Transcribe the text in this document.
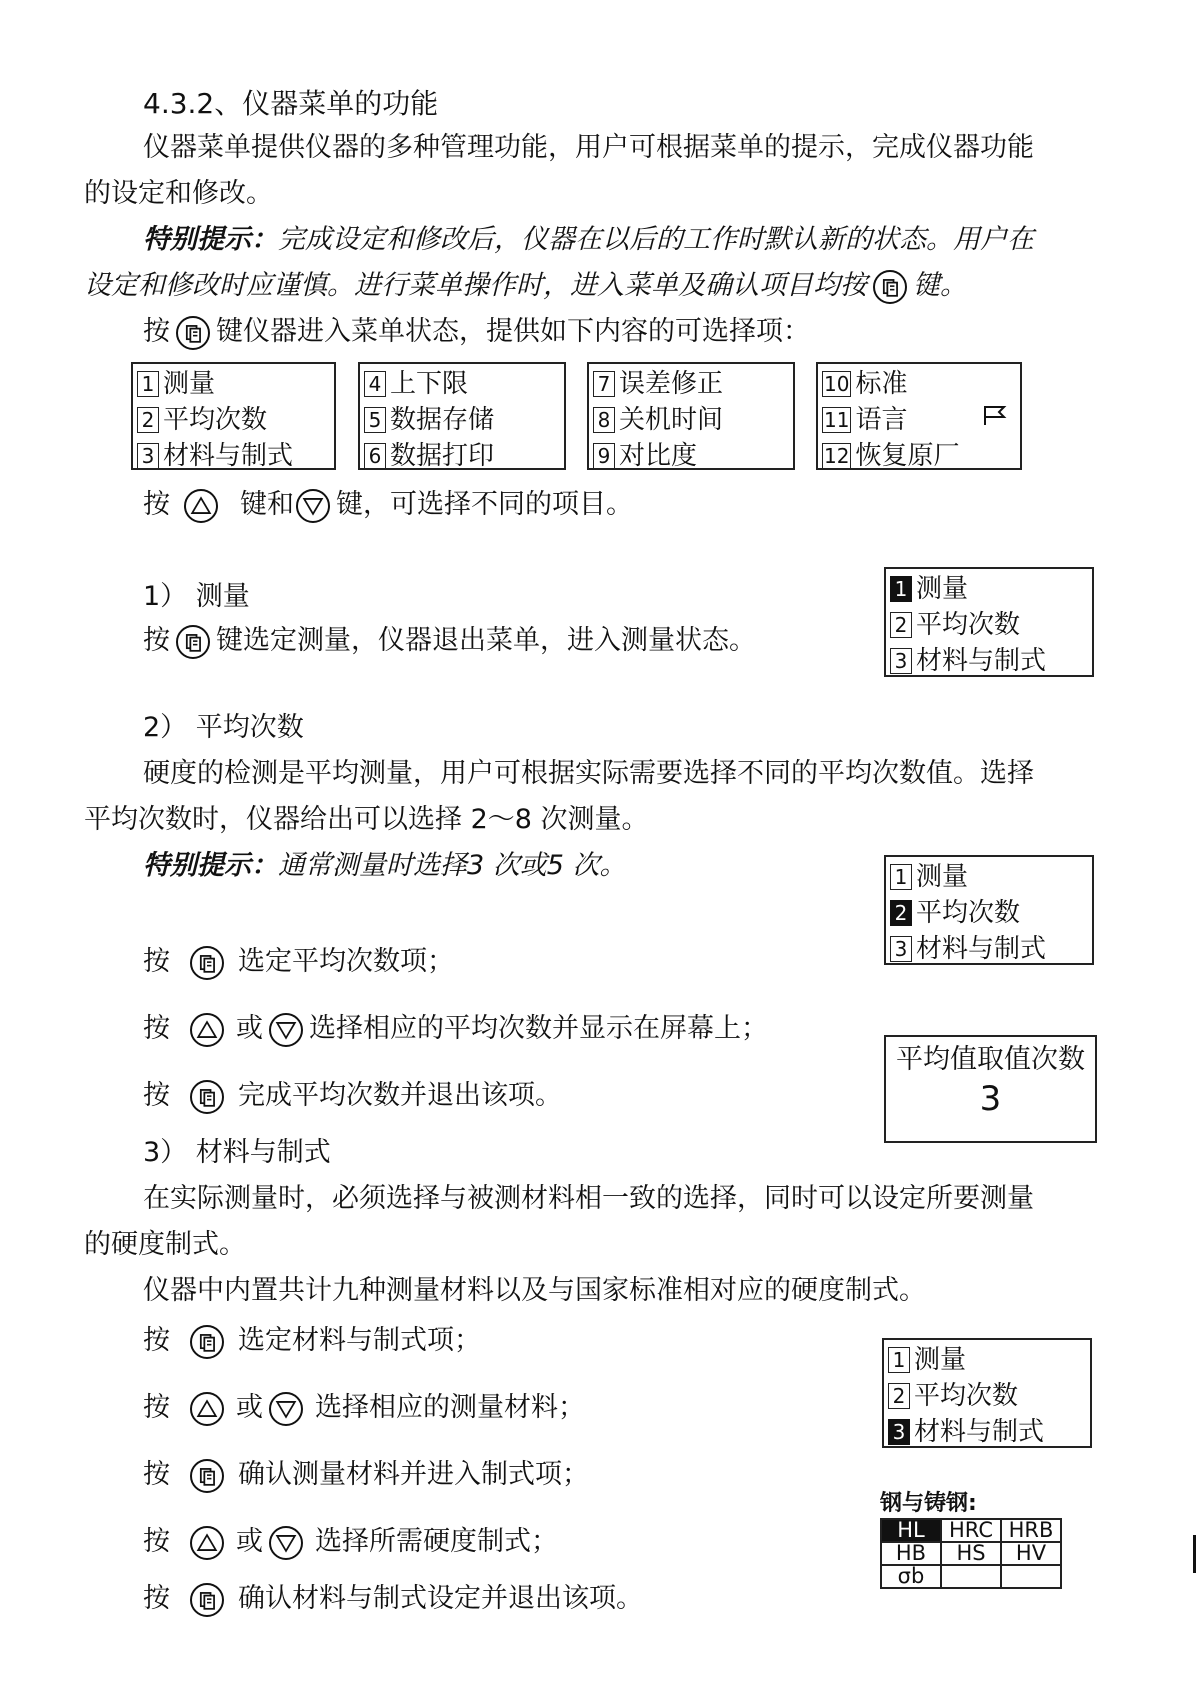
4.3.2、仪器菜单的功能
仪器菜单提供仪器的多种管理功能，用户可根据菜单的提示，完成仪器功能
的设定和修改。
特别提示：完成设定和修改后，仪器在以后的工作时默认新的状态。用户在
设定和修改时应谨慎。进行菜单操作时，进入菜单及确认项目均按 键。
按 键仪器进入菜单状态，提供如下内容的可选择项：
1 测量
2 平均次数
3 材料与制式
4 上下限
5 数据存储
6 数据打印
7 误差修正
8 关机时间
9 对比度
10 标准
11 语言
12 恢复原厂
按	键和 键，可选择不同的项目。
1） 测量
按 键选定测量，仪器退出菜单，进入测量状态。
1 测量
2 平均次数
3 材料与制式
2） 平均次数
硬度的检测是平均测量，用户可根据实际需要选择不同的平均次数值。选择
平均次数时，仪器给出可以选择 2～8 次测量。
特别提示：通常测量时选择3 次或5 次。	1 测量
2 平均次数
3 材料与制式
按	选定平均次数项；
按 或 选择相应的平均次数并显示在屏幕上；
按	完成平均次数并退出该项。
平均值取值次数
3
3） 材料与制式
在实际测量时，必须选择与被测材料相一致的选择，同时可以设定所要测量
的硬度制式。
仪器中内置共计九种测量材料以及与国家标准相对应的硬度制式。
按	选定材料与制式项；
按 或 选择相应的测量材料；
按	确认测量材料并进入制式项；
按 或 选择所需硬度制式；
按	确认材料与制式设定并退出该项。
1 测量
2 平均次数
3 材料与制式
钢与铸钢:
HL	HRC	HRB
HB	HS	HV
σb		
